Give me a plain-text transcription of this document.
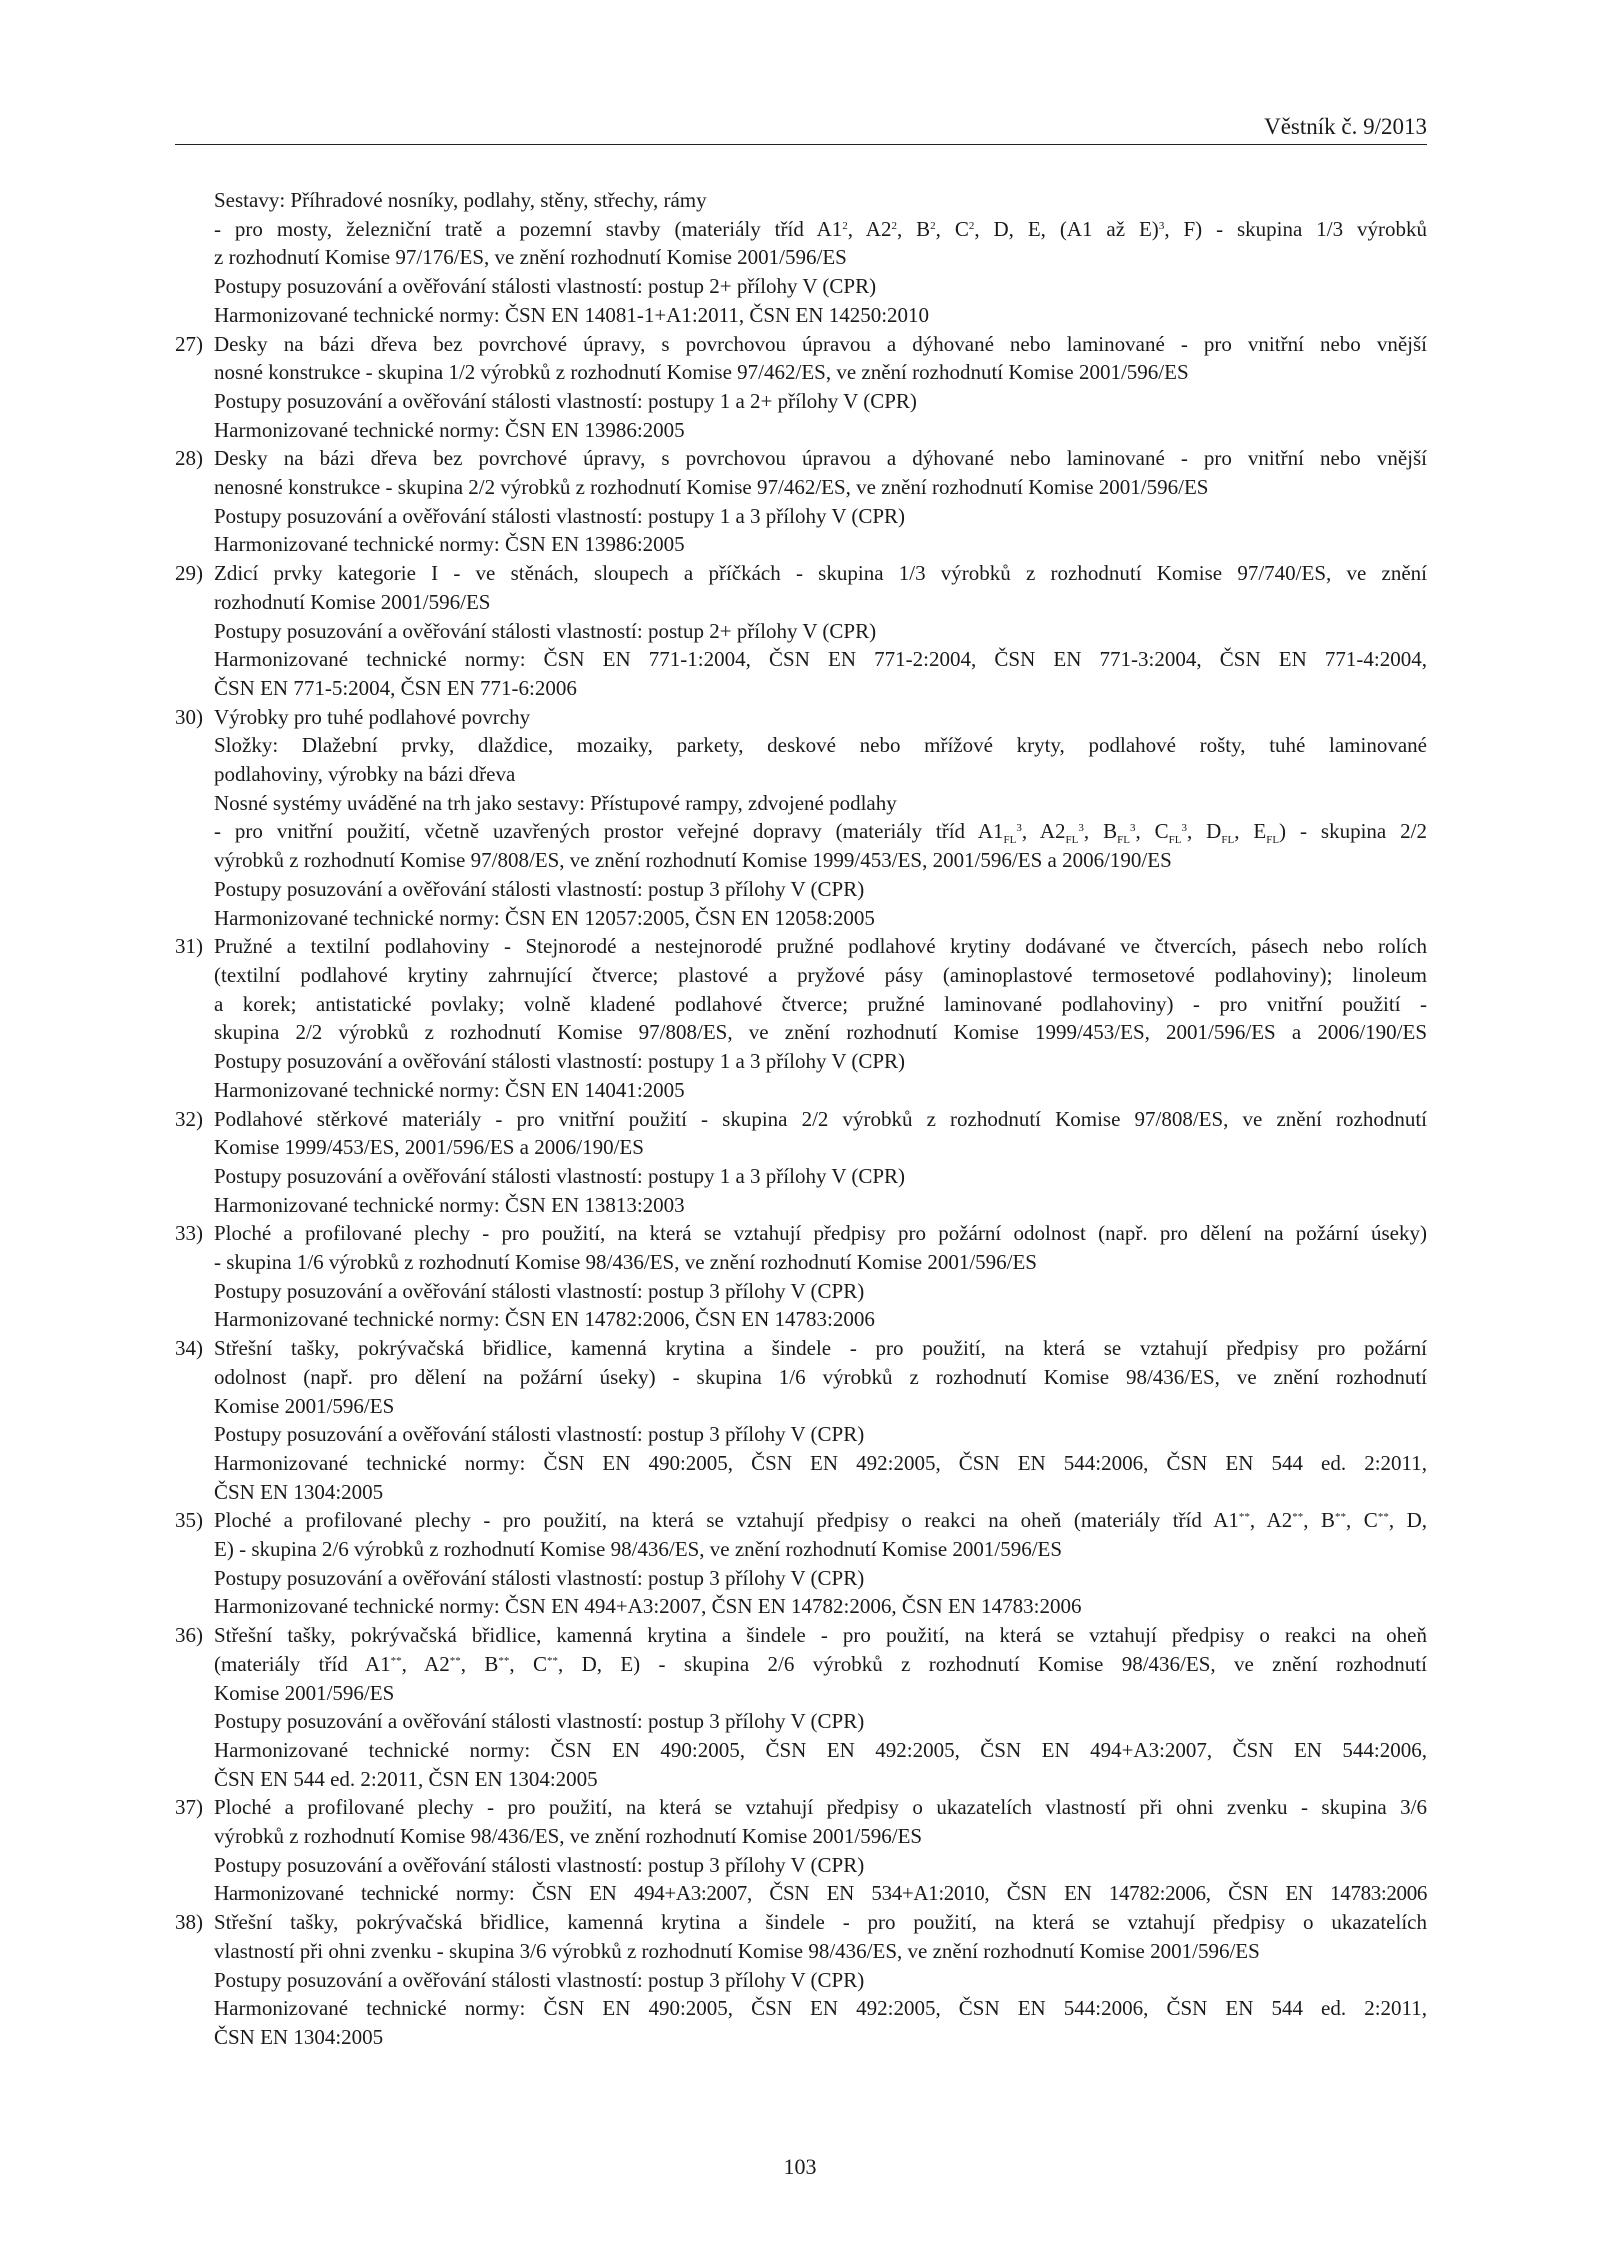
Věstník č. 9/2013
Sestavy: Příhradové nosníky, podlahy, stěny, střechy, rámy
- pro mosty, železniční tratě a pozemní stavby (materiály tříd $A1^2$, $A2^2$, $B^2$, $C^2$, D, E, (A1 až E)$^3$, F) - skupina 1/3 výrobků
z rozhodnutí Komise 97/176/ES, ve znění rozhodnutí Komise 2001/596/ES
Postupy posuzování a ověřování stálosti vlastností: postup 2+ přílohy V (CPR)
Harmonizované technické normy: ČSN EN 14081-1+A1:2011, ČSN EN 14250:2010
27) Desky na bázi dřeva bez povrchové úpravy, s povrchovou úpravou a dýhované nebo laminované - pro vnitřní nebo vnější
nosné konstrukce - skupina 1/2 výrobků z rozhodnutí Komise 97/462/ES, ve znění rozhodnutí Komise 2001/596/ES
Postupy posuzování a ověřování stálosti vlastností: postupy 1 a 2+ přílohy V (CPR)
Harmonizované technické normy: ČSN EN 13986:2005
28) Desky na bázi dřeva bez povrchové úpravy, s povrchovou úpravou a dýhované nebo laminované - pro vnitřní nebo vnější
nenosné konstrukce - skupina 2/2 výrobků z rozhodnutí Komise 97/462/ES, ve znění rozhodnutí Komise 2001/596/ES
Postupy posuzování a ověřování stálosti vlastností: postupy 1 a 3 přílohy V (CPR)
Harmonizované technické normy: ČSN EN 13986:2005
29) Zdicí prvky kategorie I - ve stěnách, sloupech a příčkách - skupina 1/3 výrobků z rozhodnutí Komise 97/740/ES, ve znění
rozhodnutí Komise 2001/596/ES
Postupy posuzování a ověřování stálosti vlastností: postup 2+ přílohy V (CPR)
Harmonizované technické normy: ČSN EN 771-1:2004, ČSN EN 771-2:2004, ČSN EN 771-3:2004, ČSN EN 771-4:2004,
ČSN EN 771-5:2004, ČSN EN 771-6:2006
30) Výrobky pro tuhé podlahové povrchy
Složky: Dlažební prvky, dlaždice, mozaiky, parkety, deskové nebo mřížové kryty, podlahové rošty, tuhé laminované
podlahoviny, výrobky na bázi dřeva
Nosné systémy uváděné na trh jako sestavy: Přístupové rampy, zdvojené podlahy
- pro vnitřní použití, včetně uzavřených prostor veřejné dopravy (materiály tříd $A1_{FL}^3$, $A2_{FL}^3$, $B_{FL}^3$, $C_{FL}^3$, $D_{FL}$, $E_{FL}$) - skupina 2/2
výrobků z rozhodnutí Komise 97/808/ES, ve znění rozhodnutí Komise 1999/453/ES, 2001/596/ES a 2006/190/ES
Postupy posuzování a ověřování stálosti vlastností: postup 3 přílohy V (CPR)
Harmonizované technické normy: ČSN EN 12057:2005, ČSN EN 12058:2005
31) Pružné a textilní podlahoviny - Stejnorodé a nestejnorodé pružné podlahové krytiny dodávané ve čtvercích, pásech nebo rolích
(textilní podlahové krytiny zahrnující čtverce; plastové a pryžové pásy (aminoplastové termosetové podlahoviny); linoleum
a korek; antistatické povlaky; volně kladené podlahové čtverce; pružné laminované podlahoviny) - pro vnitřní použití -
skupina 2/2 výrobků z rozhodnutí Komise 97/808/ES, ve znění rozhodnutí Komise 1999/453/ES, 2001/596/ES a 2006/190/ES
Postupy posuzování a ověřování stálosti vlastností: postupy 1 a 3 přílohy V (CPR)
Harmonizované technické normy: ČSN EN 14041:2005
32) Podlahové stěrkové materiály - pro vnitřní použití - skupina 2/2 výrobků z rozhodnutí Komise 97/808/ES, ve znění rozhodnutí
Komise 1999/453/ES, 2001/596/ES a 2006/190/ES
Postupy posuzování a ověřování stálosti vlastností: postupy 1 a 3 přílohy V (CPR)
Harmonizované technické normy: ČSN EN 13813:2003
33) Ploché a profilované plechy - pro použití, na která se vztahují předpisy pro požární odolnost (např. pro dělení na požární úseky)
- skupina 1/6 výrobků z rozhodnutí Komise 98/436/ES, ve znění rozhodnutí Komise 2001/596/ES
Postupy posuzování a ověřování stálosti vlastností: postup 3 přílohy V (CPR)
Harmonizované technické normy: ČSN EN 14782:2006, ČSN EN 14783:2006
34) Střešní tašky, pokrývačská břidlice, kamenná krytina a šindele - pro použití, na která se vztahují předpisy pro požární
odolnost (např. pro dělení na požární úseky) - skupina 1/6 výrobků z rozhodnutí Komise 98/436/ES, ve znění rozhodnutí
Komise 2001/596/ES
Postupy posuzování a ověřování stálosti vlastností: postup 3 přílohy V (CPR)
Harmonizované technické normy: ČSN EN 490:2005, ČSN EN 492:2005, ČSN EN 544:2006, ČSN EN 544 ed. 2:2011,
ČSN EN 1304:2005
35) Ploché a profilované plechy - pro použití, na která se vztahují předpisy o reakci na oheň (materiály tříd A1**, A2**, B**, C**, D,
E) - skupina 2/6 výrobků z rozhodnutí Komise 98/436/ES, ve znění rozhodnutí Komise 2001/596/ES
Postupy posuzování a ověřování stálosti vlastností: postup 3 přílohy V (CPR)
Harmonizované technické normy: ČSN EN 494+A3:2007, ČSN EN 14782:2006, ČSN EN 14783:2006
36) Střešní tašky, pokrývačská břidlice, kamenná krytina a šindele - pro použití, na která se vztahují předpisy o reakci na oheň
(materiály tříd A1**, A2**, B**, C**, D, E) - skupina 2/6 výrobků z rozhodnutí Komise 98/436/ES, ve znění rozhodnutí
Komise 2001/596/ES
Postupy posuzování a ověřování stálosti vlastností: postup 3 přílohy V (CPR)
Harmonizované technické normy: ČSN EN 490:2005, ČSN EN 492:2005, ČSN EN 494+A3:2007, ČSN EN 544:2006,
ČSN EN 544 ed. 2:2011, ČSN EN 1304:2005
37) Ploché a profilované plechy - pro použití, na která se vztahují předpisy o ukazatelích vlastností při ohni zvenku - skupina 3/6
výrobků z rozhodnutí Komise 98/436/ES, ve znění rozhodnutí Komise 2001/596/ES
Postupy posuzování a ověřování stálosti vlastností: postup 3 přílohy V (CPR)
Harmonizované technické normy: ČSN EN 494+A3:2007, ČSN EN 534+A1:2010, ČSN EN 14782:2006, ČSN EN 14783:2006
38) Střešní tašky, pokrývačská břidlice, kamenná krytina a šindele - pro použití, na která se vztahují předpisy o ukazatelích
vlastností při ohni zvenku - skupina 3/6 výrobků z rozhodnutí Komise 98/436/ES, ve znění rozhodnutí Komise 2001/596/ES
Postupy posuzování a ověřování stálosti vlastností: postup 3 přílohy V (CPR)
Harmonizované technické normy: ČSN EN 490:2005, ČSN EN 492:2005, ČSN EN 544:2006, ČSN EN 544 ed. 2:2011,
ČSN EN 1304:2005
103
